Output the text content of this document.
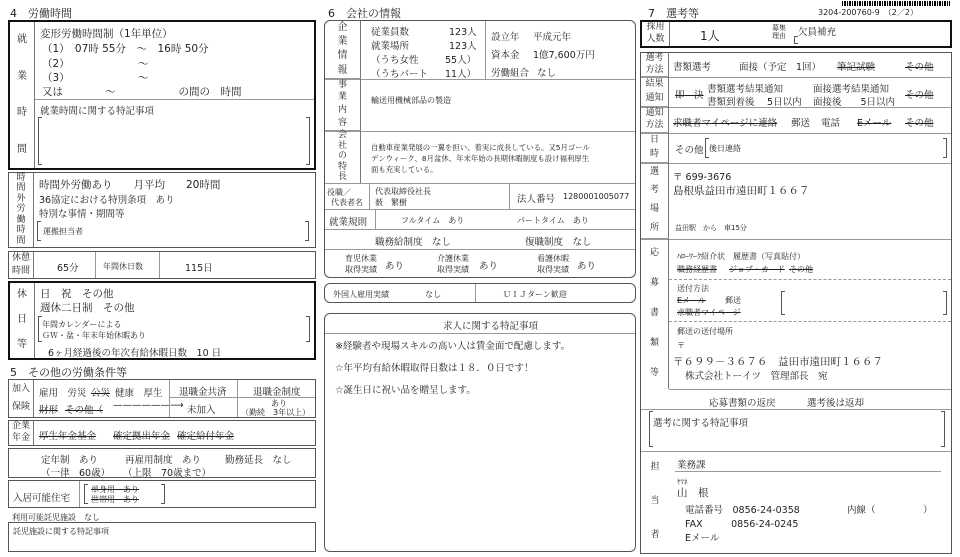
4　労働時間
就
業
時
間
変形労働時間制（1年単位）
（1）　07時 55分　～　16時 50分
（2）　　　　　　　～
（3）　　　　　　　～
又は　　　　～　　　　　　の間の　時間
就業時間に関する特記事項
時
間
外
労
働
時
間
時間外労働あり　　月平均　　20時間
36協定における特別条項　あり
特別な事情・期間等
運搬担当者
休憩
時間	65分	年間休日数	115日
休
日
等
日　祝　その他
週休二日制　その他
年間カレンダーによる
ＧＷ・盆・年末年始休暇あり
6ヶ月経過後の年次有給休暇日数　10 日
5　その他の労働条件等
加入
保険
雇用　労災 公災 健康　厚生
財形 その他（ ——————⟶
退職金共済
未加入
退職金制度
あり
（勤続　3年以上）
企業
年金 厚生年金基金 確定拠出年金 確定給付年金
定年制　あり
（一律　60歳）
再雇用制度　あり
（上限　70歳まで）
勤務延長　なし
入居可能住宅
単身用　あり
世帯用　あり
利用可能託児施設　なし
託児施設に関する特記事項
6　会社の情報
企
業
情
報
従業員数	123人
就業場所	123人
（うち女性	55人）
（うちパート 11人）
設立年 平成元年
資本金 1億7,600万円
労働組合 なし
事
業
内
容
輸送用機械部品の製造
会
社
の
特
長
自動車産業発展の一翼を担い、着実に成長している。又5月ゴール
デンウィーク、8月盆休、年末年始の長期休暇制度も設け福利厚生
面も充実している。
役職／
代表者名
代表取締役社長
薮　繁樹	法人番号 1280001005077
就業規則	フルタイム　あり	パートタイム　あり
職務給制度　なし	復職制度　なし
育児休業
取得実績 あり
介護休業
取得実績 あり
看護休暇
取得実績 あり
外国人雇用実績	なし	ＵＩＪターン歓迎
求人に関する特記事項
※経験者や現場スキルの高い人は賃金面で配慮します。
☆年平均有給休暇取得日数は１８．０日です！
☆誕生日に祝い品を贈呈します。
7　選考等	3204-200760-9　（2／2）
採用
人数	1人
募集理由 欠員補充
選考
方法 書類選考	面接（予定　1回） 筆記試験	その他
結果
通知 即　決
書類選考結果通知
書類到着後　 5日以内
面接選考結果通知
面接後　　5日以内
その他
通知
方法 求職者マイページに連絡 郵送 電話 Eメール その他
日
時 その他 後日連絡
選
考
場
所
〒 699-3676
島根県益田市遠田町１６６７
益田駅　から　車15分
応
募
書
類
等
ﾊﾛｰﾜｰｸ紹介状　履歴書（写真貼付）
職務経歴書 ジョブ・カード その他
送付方法
Eメール 郵送
求職者マイページ
郵送の送付場所
〒
〒６９９－３６７６　益田市遠田町１６６７
株式会社トーイツ　管理部長　宛
応募書類の返戻	選考後は返却
選考に関する特記事項
担
当
者
業務課
ﾔﾏﾈ
山　根
電話番号　0856-24-0358	内線（　　　　　）
FAX　　　0856-24-0245
Eメール
